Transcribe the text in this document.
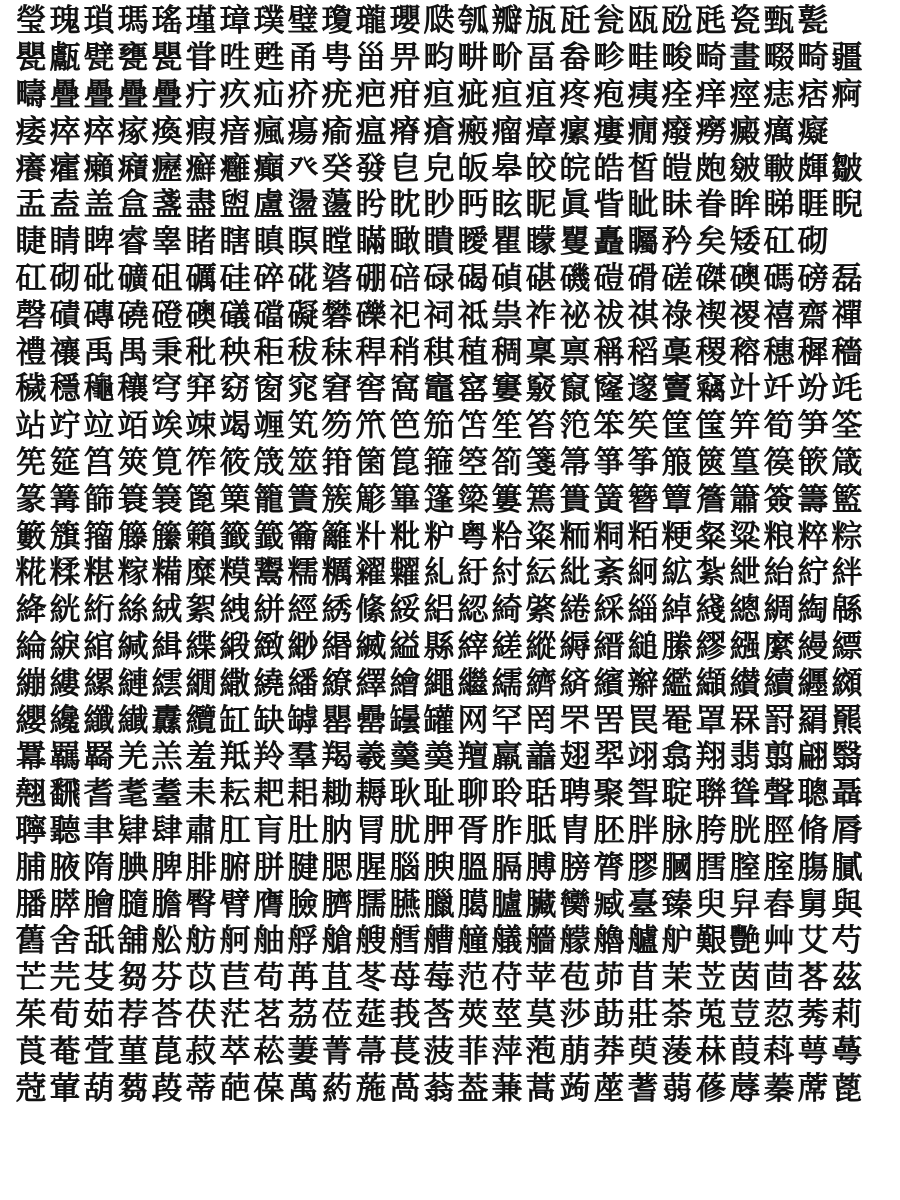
瑩 瑰 瑣 瑪 瑤 瑾 璋 璞 璧 瓊 瓏 瓔 瓞 瓠 瓣 瓬 瓩 瓮 瓯 瓰 瓱 瓷 甄 甏
甖 甗 甓 甕 甖 甞 甠 甦 甬 甹 甾 畀 畇 畊 畍 畐 畚 畛 畦 畯 畸 畫 畷 畸 疆
疇 疊 疊 疊 疊 疔 疚 疝 疥 疣 疤 疳 疸 疵 疸 疽 疼 疱 痍 痊 痒 痙 痣 痞 痾
痿 瘁 瘁 瘃 瘓 瘕 瘖 瘋 瘍 瘉 瘟 瘠 瘡 瘢 瘤 瘴 瘰 瘻 癇 癈 癆 癜 癘 癡
癢 癨 癩 癪 癧 癬 癰 癲 癶 癸 發 皀 皃 皈 皋 皎 皖 皓 皙 皚 皰 皴 皸 皹 皺
盂 盍 盖 盒 盞 盡 盥 盧 盪 蘯 盻 眈 眇 眄 眩 眤 眞 眥 眦 眛 眷 眸 睇 睚 睨
睫 睛 睥 睿 睾 睹 瞎 瞋 瞑 瞠 瞞 瞰 瞶 瞹 瞿 矇 矍 矗 矚 矜 矣 矮 矼 砌
矼 砌 砒 礦 砠 礪 硅 碎 硴 碆 硼 碚 碌 碣 碵 碪 磯 磑 磆 磋 磔 礇 碼 磅 磊
磬 磧 磚 磽 磴 礇 礒 礑 礙 礬 礫 祀 祠 祗 祟 祚 祕 祓 祺 祿 禊 禝 禧 齋 禪
禮 禳 禹 禺 秉 秕 秧 秬 秡 秣 稈 稍 稘 稙 稠 稟 禀 稱 稻 稾 稷 穃 穗 穉 穡
穢 穩 龝 穰 穹 穽 窈 窗 窕 窘 窖 窩 竈 窰 窶 竅 竄 窿 邃 竇 竊 竍 竏 竕 竓
站 竚 竝 竡 竢 竦 竭 竰 笂 笏 笊 笆 笳 笘 笙 笞 笵 笨 笶 筐 筺 笄 筍 笋 筌
筅 筵 筥 筴 筧 筰 筱 筬 筮 箝 箘 箟 箍 箜 箚 箋 箒 箏 筝 箙 篋 篁 篌 篏 箴
篆 篝 篩 簑 簔 篦 篥 籠 簀 簇 簓 篳 篷 簗 簍 篶 簣 簧 簪 簟 簷 簫 簽 籌 籃
籔 籏 籀 籐 籘 籟 籤 籖 籥 籬 籵 粃 粐 粤 粭 粢 粫 粡 粨 粳 粲 粱 粮 粹 粽
糀 糅 糂 糘 糒 糜 糢 鬻 糯 糲 糴 糶 糺 紆 紂 紜 紕 紊 絅 絋 紮 紲 紿 紵 絆
絳 絖 絎 絲 絨 絮 絏 絣 經 綉 絛 綏 絽 綛 綺 綮 綣 綵 緇 綽 綫 總 綢 綯 緜
綸 綟 綰 緘 緝 緤 緞 緻 緲 緡 縅 縊 縣 縡 縒 縱 縟 縉 縋 縢 繆 繦 縻 縵 縹
繃 縷 縲 縺 繧 繝 繖 繞 繙 繚 繹 繪 繩 繼 繻 纃 緕 繽 辮 繿 纈 纉 續 纒 纐
纓 纔 纖 纎 纛 纜 缸 缺 罅 罌 罍 罎 罐 网 罕 罔 罘 罟 罠 罨 罩 罧 罸 羂 羆
羃 羈 羇 羌 羔 羞 羝 羚 羣 羯 羲 羹 羮 羶 羸 譱 翅 翆 翊 翕 翔 翡 翦 翩 翳
翹 飜 耆 耄 耋 耒 耘 耙 耜 耡 耨 耿 耻 聊 聆 聒 聘 聚 聟 聢 聨 聳 聲 聰 聶
聹 聽 聿 肄 肆 肅 肛 肓 肚 肭 冐 肬 胛 胥 胙 胝 胄 胚 胖 脉 胯 胱 脛 脩 脣
脯 腋 隋 腆 脾 腓 腑 胼 腱 腮 腥 腦 腴 膃 膈 膊 膀 膂 膠 膕 膤 膣 腟 膓 膩
膰 膵 膾 膸 膽 臀 臂 膺 臉 臍 臑 臙 臘 臈 臚 臟 臠 臧 臺 臻 臾 舁 舂 舅 與
舊 舍 舐 舖 舩 舫 舸 舳 艀 艙 艘 艝 艚 艟 艤 艢 艨 艪 艫 舮 艱 艷 艸 艾 芍
芒 芫 芟 芻 芬 苡 苣 苟 苒 苴 苳 苺 莓 范 苻 苹 苞 茆 苜 茉 苙 茵 茴 茖 茲
茱 荀 茹 荐 荅 茯 茫 茗 茘 莅 莚 莪 莟 莢 莖 茣 莎 莇 莊 荼 莵 荳 荵 莠 莉
莨 菴 萓 菫 菎 菽 萃 菘 萋 菁 菷 萇 菠 菲 萍 萢 萠 莽 萸 蔆 菻 葭 萪 萼 蕚
蒄 葷 葫 蒭 葮 蒂 葩 葆 萬 葯 葹 萵 蓊 葢 蒹 蒿 蒟 蓙 蓍 蒻 蓚 蓐 蓁 蓆 蓖
